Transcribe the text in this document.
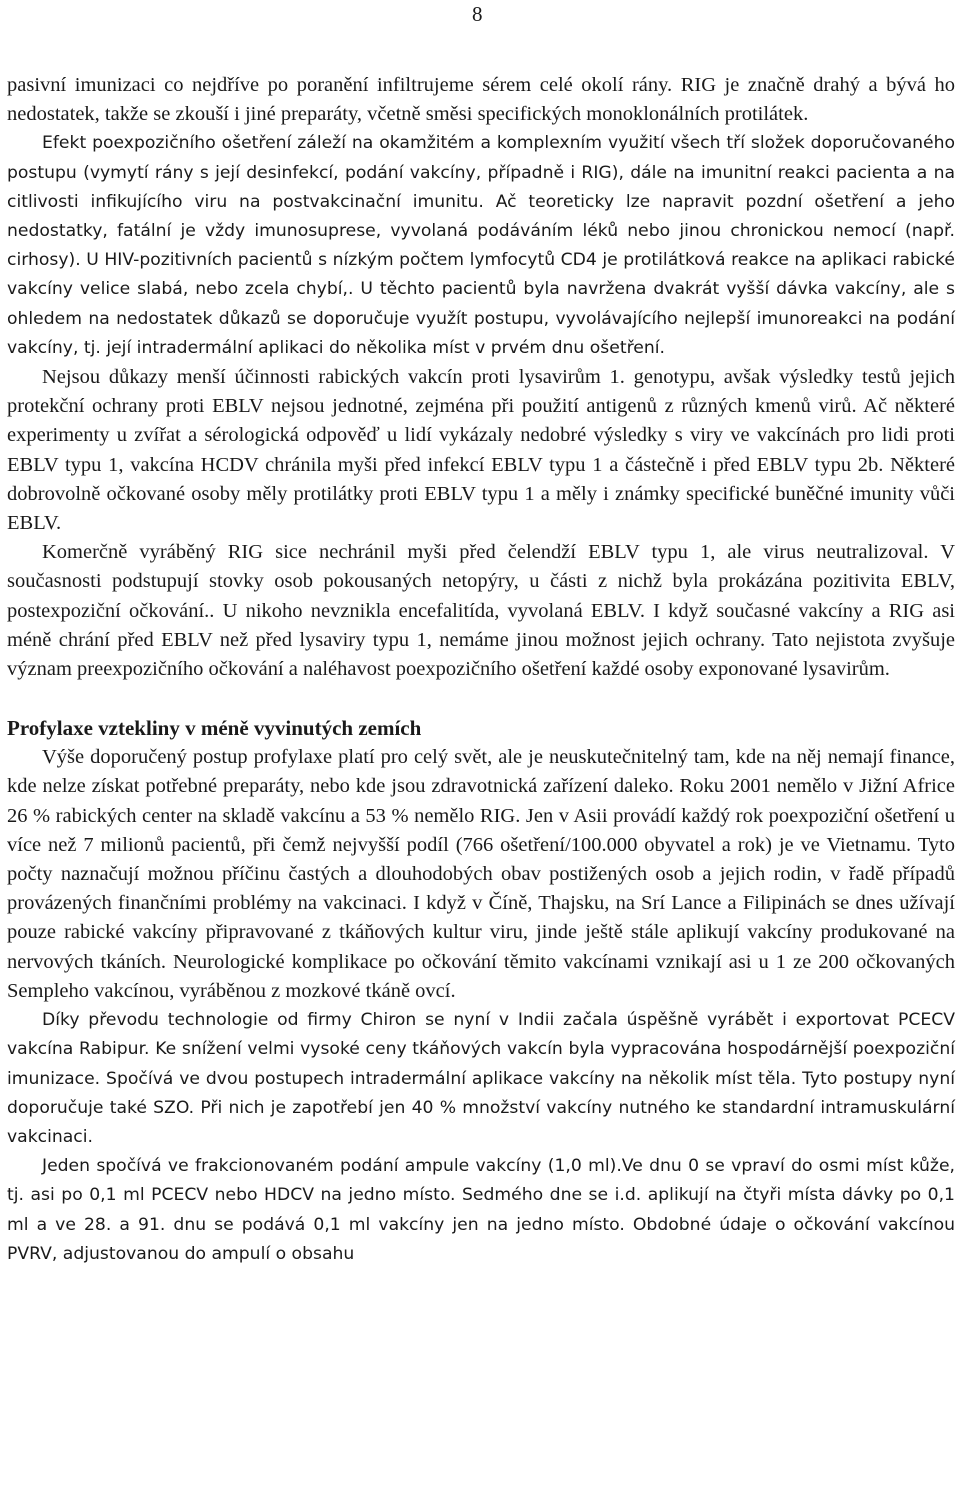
8

pasivní imunizaci co nejdříve po poranění infiltrujeme sérem celé okolí rány. RIG je značně drahý a bývá ho nedostatek, takže se zkouší i jiné preparáty, včetně směsi specifických monoklonálních protilátek.

Efekt poexpozičního ošetření záleží na okamžitém a komplexním využití všech tří složek doporučovaného postupu (vymytí rány s její desinfekcí, podání vakcíny, případně i RIG), dále na imunitní reakci pacienta a na citlivosti infikujícího viru na postvakcinační imunitu. Ač teoreticky lze napravit pozdní ošetření a jeho nedostatky, fatální je vždy imunosuprese, vyvolaná podáváním léků nebo jinou chronickou nemocí (např. cirhosy). U HIV-pozitivních pacientů s nízkým počtem lymfocytů CD4 je protilátková reakce na aplikaci rabické vakcíny velice slabá, nebo zcela chybí,. U těchto pacientů byla navržena dvakrát vyšší dávka vakcíny, ale s ohledem na nedostatek důkazů se doporučuje využít postupu, vyvolávajícího nejlepší imunoreakci na podání vakcíny, tj. její intradermální aplikaci do několika míst v prvém dnu ošetření.

Nejsou důkazy menší účinnosti rabických vakcín proti lysavirům 1. genotypu, avšak výsledky testů jejich protekční ochrany proti EBLV nejsou jednotné, zejména při použití antigenů z různých kmenů virů. Ač některé experimenty u zvířat a sérologická odpověď u lidí vykázaly nedobré výsledky s viry ve vakcínách pro lidi proti EBLV typu 1, vakcína HCDV chránila myši před infekcí EBLV typu 1 a částečně i před EBLV typu 2b. Některé dobrovolně očkované osoby měly protilátky proti EBLV typu 1 a měly i známky specifické buněčné imunity vůči EBLV.

Komerčně vyráběný RIG sice nechránil myši před čelendží EBLV typu 1, ale virus neutralizoval. V současnosti podstupují stovky osob pokousaných netopýry, u části z nichž byla prokázána pozitivita EBLV, postexpoziční očkování.. U nikoho nevznikla encefalitída, vyvolaná EBLV. I když současné vakcíny a RIG asi méně chrání před EBLV než před lysaviry typu 1, nemáme jinou možnost jejich ochrany. Tato nejistota zvyšuje význam preexpozičního očkování a naléhavost poexpozičního ošetření každé osoby exponované lysavirům.

Profylaxe vztekliny v méně vyvinutých zemích

Výše doporučený postup profylaxe platí pro celý svět, ale je neuskutečnitelný tam, kde na něj nemají finance, kde nelze získat potřebné preparáty, nebo kde jsou zdravotnická zařízení daleko. Roku 2001 nemělo v Jižní Africe 26 % rabických center na skladě vakcínu a 53 % nemělo RIG. Jen v Asii provádí každý rok poexpoziční ošetření u více než 7 milionů pacientů, při čemž nejvyšší podíl (766 ošetření/100.000 obyvatel a rok) je ve Vietnamu. Tyto počty naznačují možnou příčinu častých a dlouhodobých obav postižených osob a jejich rodin, v řadě případů provázených finančními problémy na vakcinaci. I když v Číně, Thajsku, na Srí Lance a Filipinách se dnes užívají pouze rabické vakcíny připravované z tkáňových kultur viru, jinde ještě stále aplikují vakcíny produkované na nervových tkáních. Neurologické komplikace po očkování těmito vakcínami vznikají asi u 1 ze 200 očkovaných Sempleho vakcínou, vyráběnou z mozkové tkáně ovcí.

Díky převodu technologie od firmy Chiron se nyní v Indii začala úspěšně vyrábět i exportovat PCECV vakcína Rabipur. Ke snížení velmi vysoké ceny tkáňových vakcín byla vypracována hospodárnější poexpoziční imunizace. Spočívá ve dvou postupech intradermální aplikace vakcíny na několik míst těla. Tyto postupy nyní doporučuje také SZO. Při nich je zapotřebí jen 40 % množství vakcíny nutného ke standardní intramuskulární vakcinaci.

Jeden spočívá ve frakcionovaném podání ampule vakcíny (1,0 ml).Ve dnu 0 se vpraví do osmi míst kůže, tj. asi po 0,1 ml PCECV nebo HDCV na jedno místo. Sedmého dne se i.d. aplikují na čtyři místa dávky po 0,1 ml a ve 28. a 91. dnu se podává 0,1 ml vakcíny jen na jedno místo. Obdobné údaje o očkování vakcínou PVRV, adjustovanou do ampulí o obsahu
